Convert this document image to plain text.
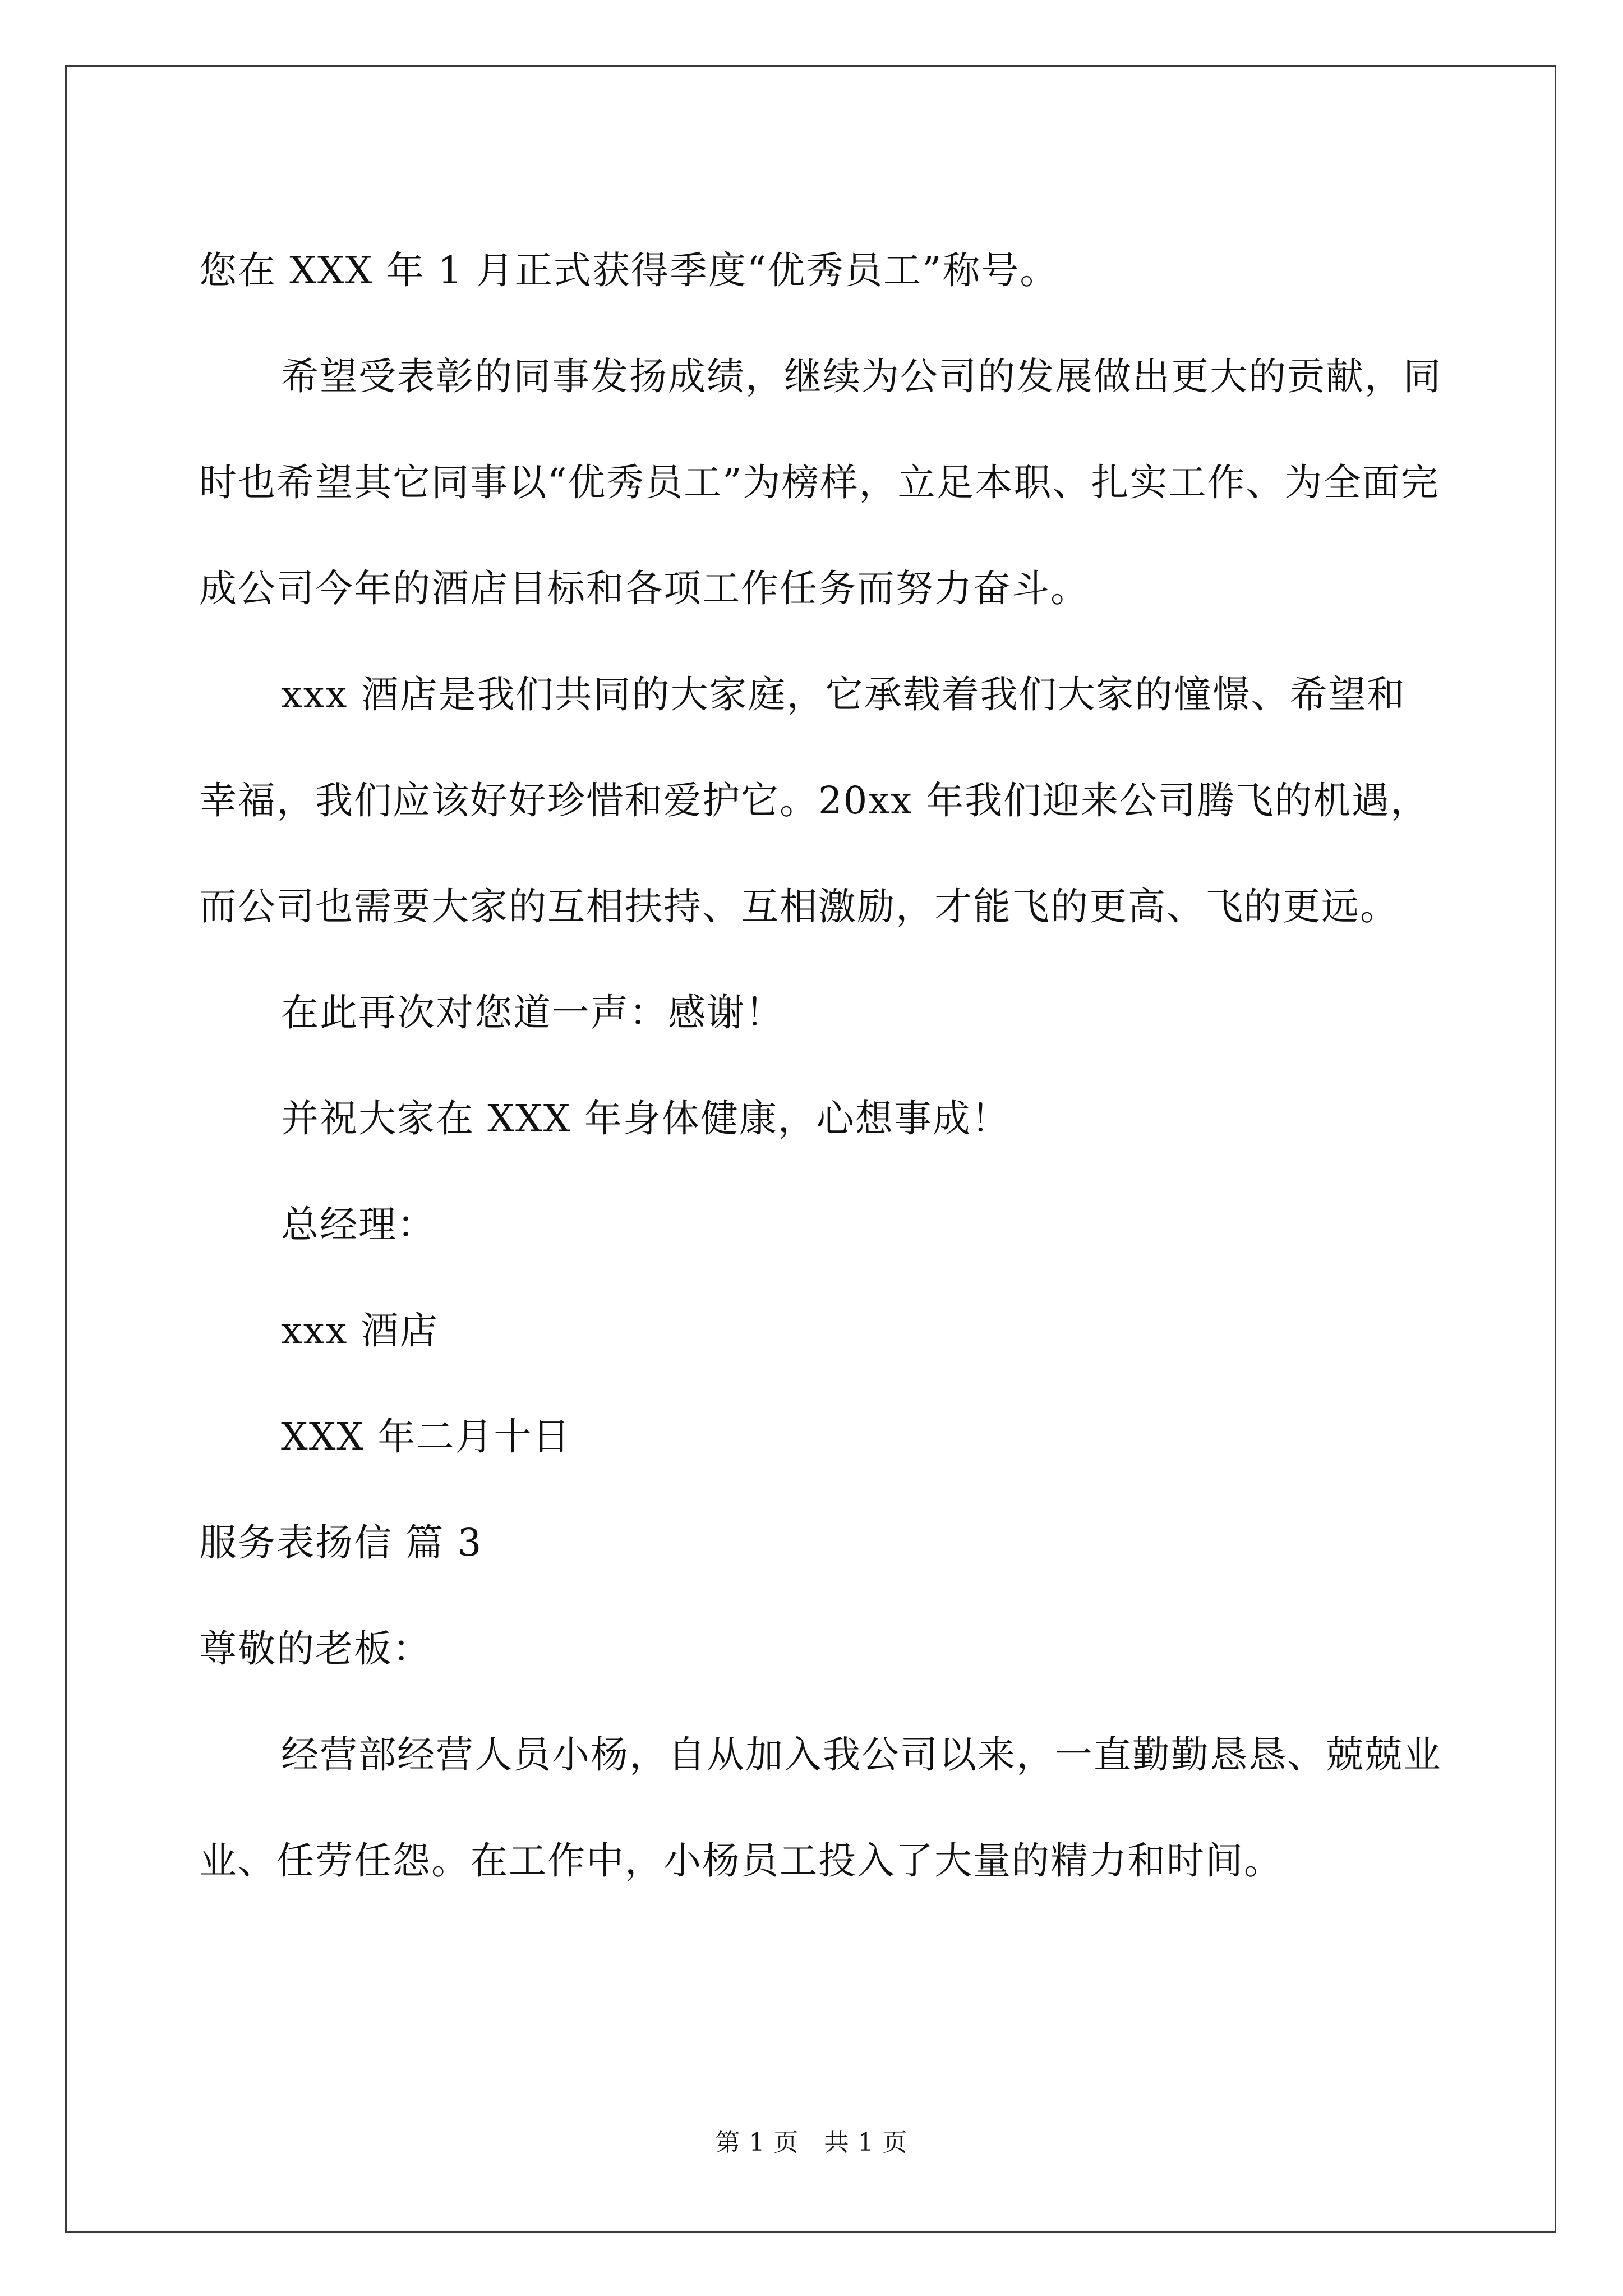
您在 XXX 年 1 月正式获得季度“优秀员工”称号。

希望受表彰的同事发扬成绩，继续为公司的发展做出更大的贡献，同时也希望其它同事以“优秀员工”为榜样，立足本职、扎实工作、为全面完成公司今年的酒店目标和各项工作任务而努力奋斗。

xxx 酒店是我们共同的大家庭，它承载着我们大家的憧憬、希望和幸福，我们应该好好珍惜和爱护它。20xx 年我们迎来公司腾飞的机遇，而公司也需要大家的互相扶持、互相激励，才能飞的更高、飞的更远。

在此再次对您道一声：感谢！

并祝大家在 XXX 年身体健康，心想事成！

总经理：

xxx 酒店

XXX 年二月十日

服务表扬信 篇 3

尊敬的老板：

经营部经营人员小杨，自从加入我公司以来，一直勤勤恳恳、兢兢业业、任劳任怨。在工作中，小杨员工投入了大量的精力和时间。

第 1 页　共 1 页
